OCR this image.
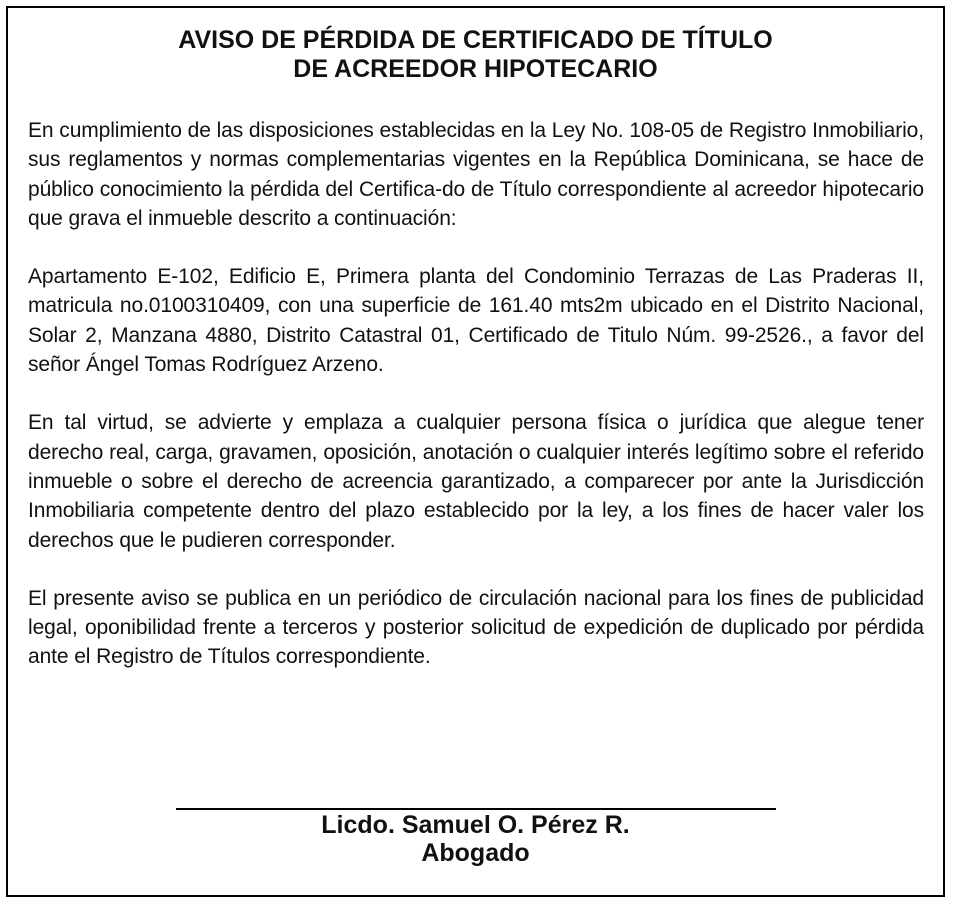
AVISO DE PÉRDIDA DE CERTIFICADO DE TÍTULO
DE ACREEDOR HIPOTECARIO

En cumplimiento de las disposiciones establecidas en la Ley No. 108-05 de Registro Inmobiliario, sus reglamentos y normas complementarias vigentes en la República Dominicana, se hace de público conocimiento la pérdida del Certifica-do de Título correspondiente al acreedor hipotecario que grava el inmueble descrito a continuación:

Apartamento E-102, Edificio E, Primera planta del Condominio Terrazas de Las Praderas II, matricula no.0100310409, con una superficie de 161.40 mts2m ubicado en el Distrito Nacional, Solar 2, Manzana 4880, Distrito Catastral 01, Certificado de Titulo Núm. 99-2526., a favor del señor Ángel Tomas Rodríguez Arzeno.

En tal virtud, se advierte y emplaza a cualquier persona física o jurídica que alegue tener derecho real, carga, gravamen, oposición, anotación o cualquier interés legítimo sobre el referido inmueble o sobre el derecho de acreencia garantizado, a comparecer por ante la Jurisdicción Inmobiliaria competente dentro del plazo establecido por la ley, a los fines de hacer valer los derechos que le pudieren corresponder.

El presente aviso se publica en un periódico de circulación nacional para los fines de publicidad legal, oponibilidad frente a terceros y posterior solicitud de expedición de duplicado por pérdida ante el Registro de Títulos correspondiente.

Licdo. Samuel O. Pérez R.
Abogado
